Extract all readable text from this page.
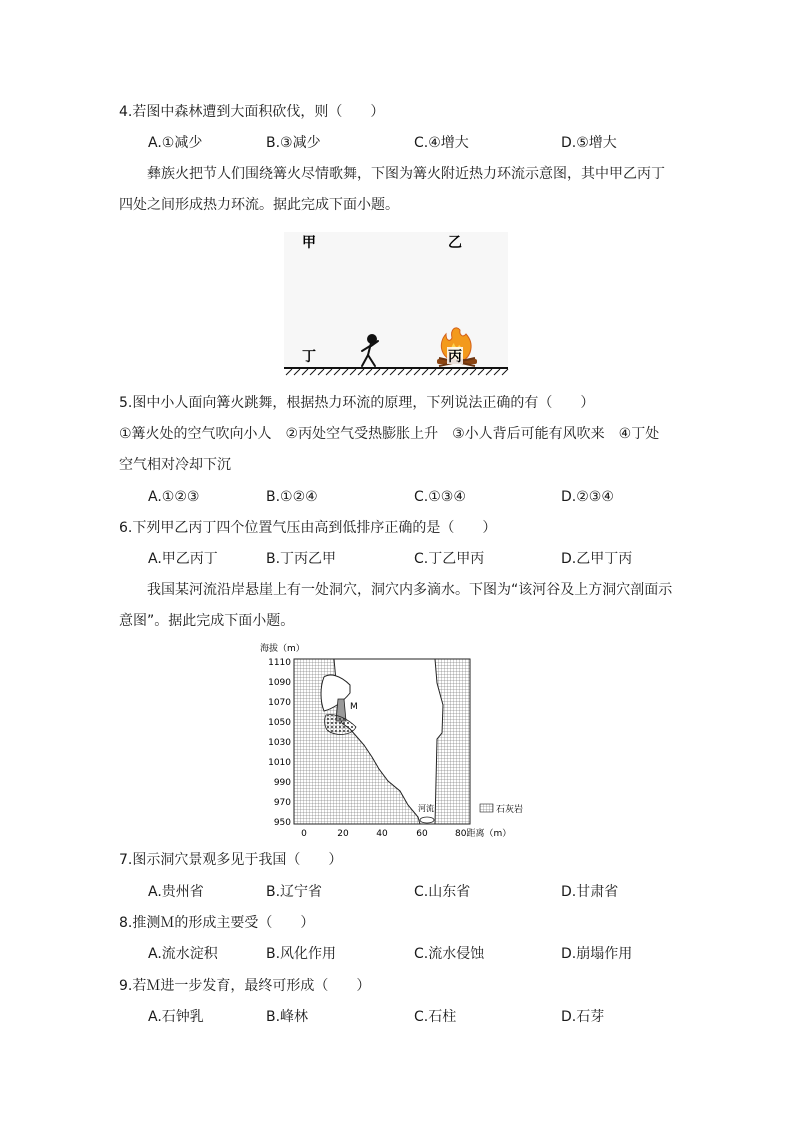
4.若图中森林遭到大面积砍伐，则（　　）
A.①减少	B.③减少	C.④增大	D.⑤增大
彝族火把节人们围绕篝火尽情歌舞，下图为篝火附近热力环流示意图，其中甲乙丙丁
四处之间形成热力环流。据此完成下面小题。
甲	乙
丁	丙
5.图中小人面向篝火跳舞，根据热力环流的原理，下列说法正确的有（　　）
①篝火处的空气吹向小人　②丙处空气受热膨胀上升　③小人背后可能有风吹来　④丁处
空气相对冷却下沉
A.①②③	B.①②④	C.①③④	D.②③④
6.下列甲乙丙丁四个位置气压由高到低排序正确的是（　　）
A.甲乙丙丁	B.丁丙乙甲	C.丁乙甲丙	D.乙甲丁丙
我国某河流沿岸悬崖上有一处洞穴，洞穴内多滴水。下图为“该河谷及上方洞穴剖面示
意图”。据此完成下面小题。
海拔（m）
M
河流
1110
1090
1070
1050
1030
1010
990
970
950
0	20	40	60	80距离（m）
石灰岩
7.图示洞穴景观多见于我国（　　）
A.贵州省	B.辽宁省	C.山东省	D.甘肃省
8.推测Ｍ的形成主要受（　　）
A.流水淀积	B.风化作用	C.流水侵蚀	D.崩塌作用
9.若Ｍ进一步发育，最终可形成（　　）
A.石钟乳	B.峰林	C.石柱	D.石芽
